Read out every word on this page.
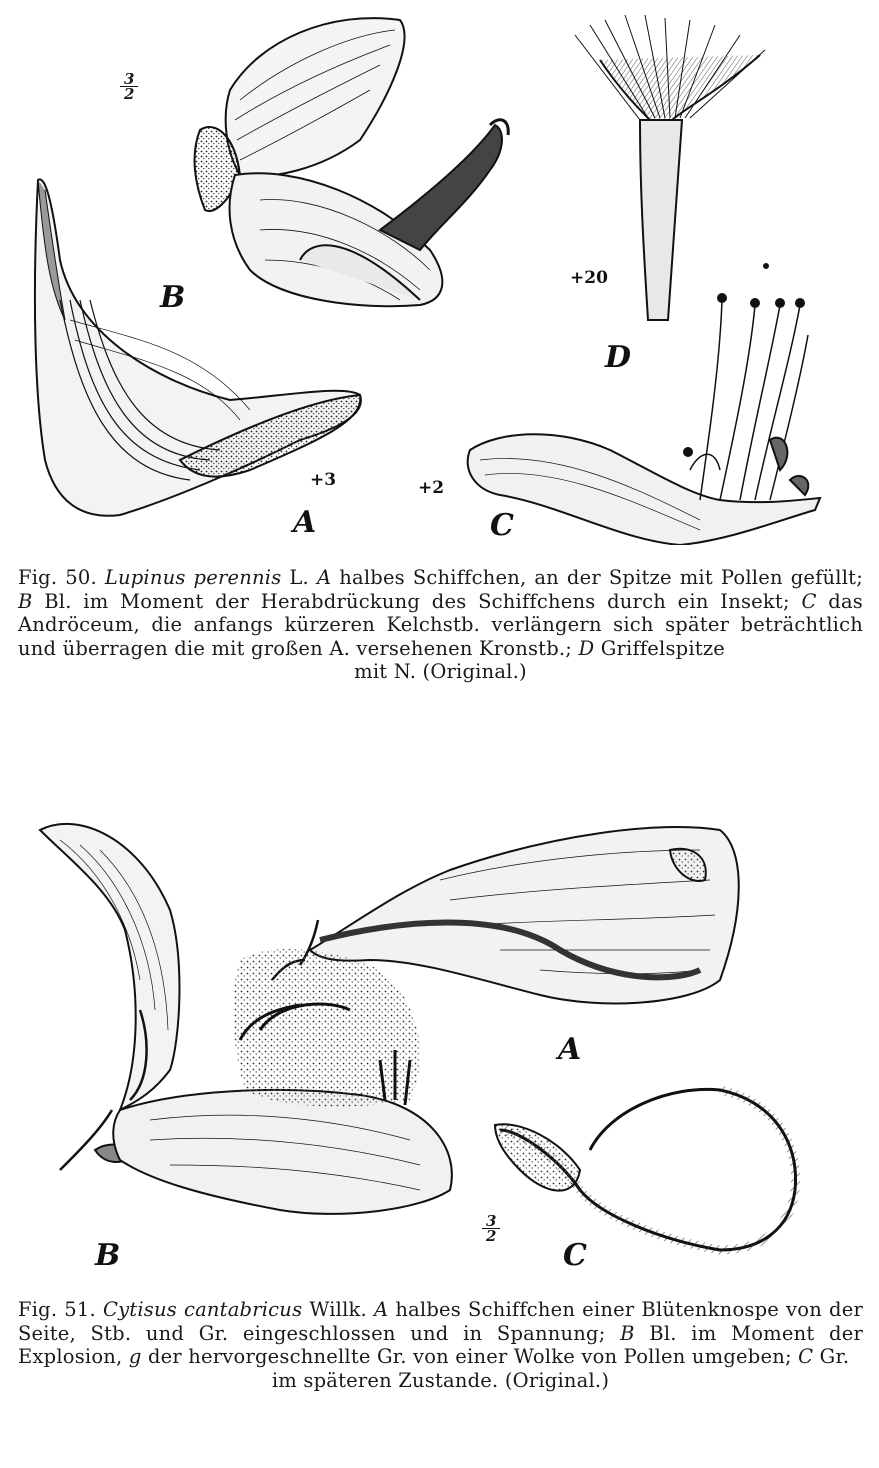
B
A	C
D
$\frac{3}{2}$
+3	+2
+20
Fig. 50. Lupinus perennis L. A halbes Schiffchen, an der Spitze mit Pollen gefüllt; B Bl. im Moment der Herabdrückung des Schiffchens durch ein Insekt; C das Andröceum, die anfangs kürzeren Kelchstb. verlängern sich später beträchtlich und überragen die mit großen A. versehenen Kronstb.; D Griffelspitze
mit N. (Original.)
A
B	C
$\frac{3}{2}$
Fig. 51. Cytisus cantabricus Willk. A halbes Schiffchen einer Blütenknospe von der Seite, Stb. und Gr. eingeschlossen und in Spannung; B Bl. im Moment der Explosion, g der hervorgeschnellte Gr. von einer Wolke von Pollen umgeben; C Gr.
im späteren Zustande. (Original.)
